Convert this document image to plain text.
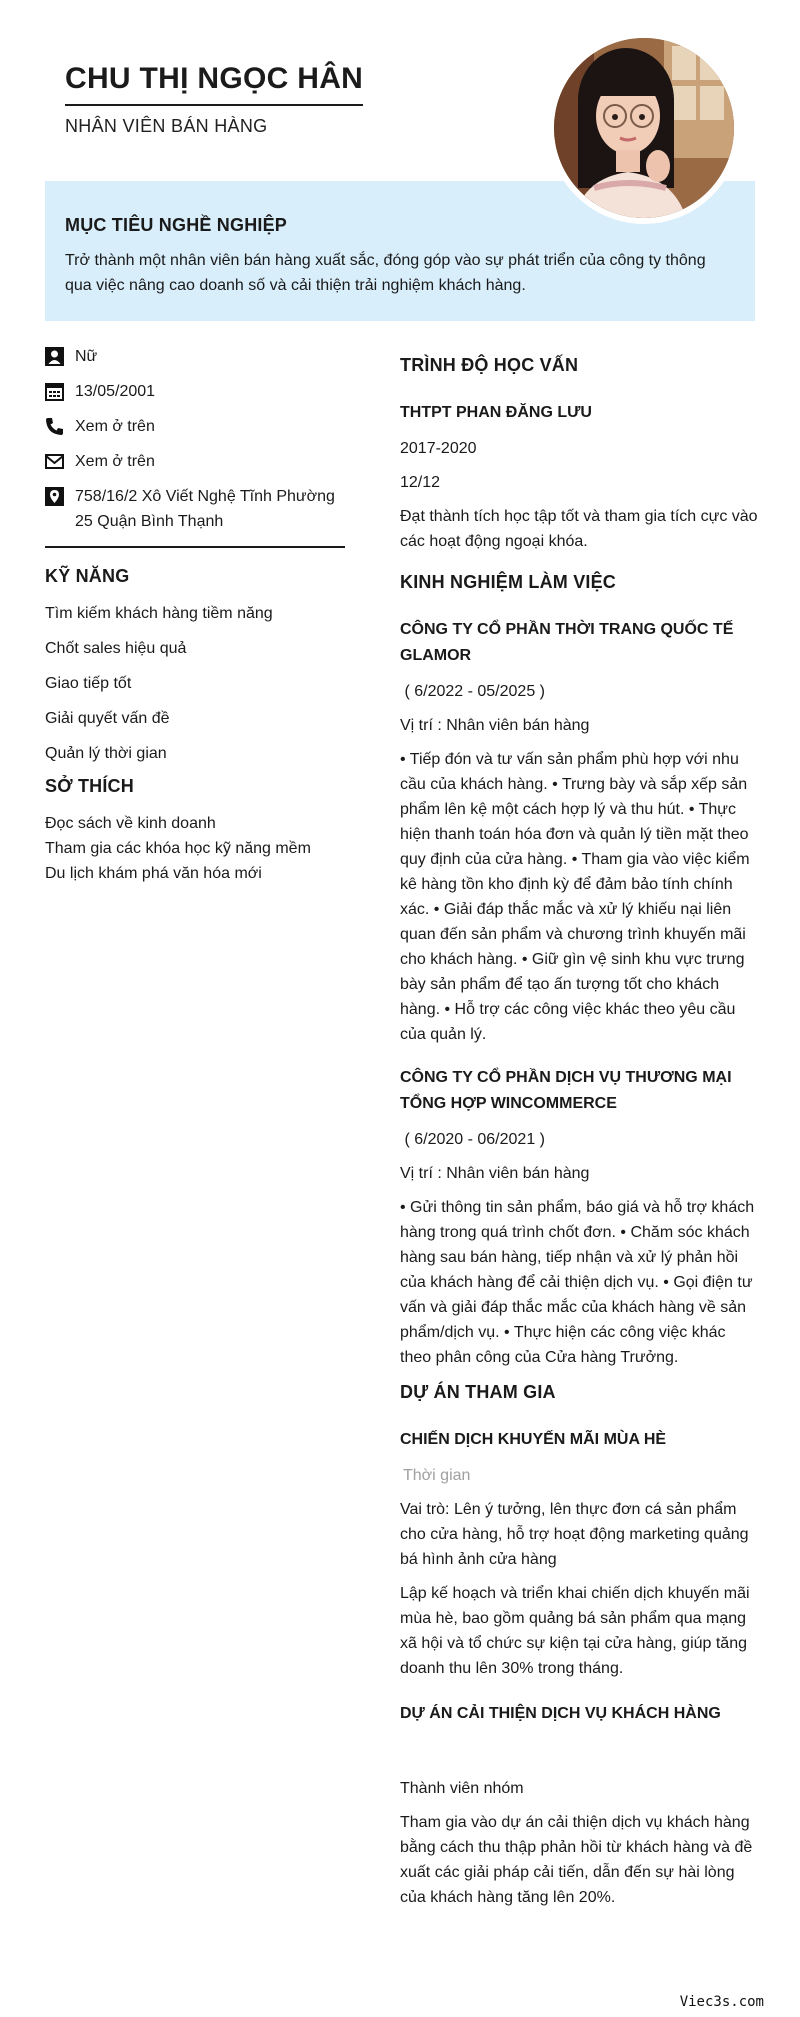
CHU THỊ NGỌC HÂN
NHÂN VIÊN BÁN HÀNG
MỤC TIÊU NGHỀ NGHIỆP
Trở thành một nhân viên bán hàng xuất sắc, đóng góp vào sự phát triển của công ty thông qua việc nâng cao doanh số và cải thiện trải nghiệm khách hàng.
Nữ
13/05/2001
Xem ở trên
Xem ở trên
758/16/2 Xô Viết Nghệ Tĩnh Phường 25 Quận Bình Thạnh
KỸ NĂNG
Tìm kiếm khách hàng tiềm năng
Chốt sales hiệu quả
Giao tiếp tốt
Giải quyết vấn đề
Quản lý thời gian
SỞ THÍCH
Đọc sách về kinh doanh
Tham gia các khóa học kỹ năng mềm
Du lịch khám phá văn hóa mới
TRÌNH ĐỘ HỌC VẤN
THTPT PHAN ĐĂNG LƯU
2017-2020
12/12
Đạt thành tích học tập tốt và tham gia tích cực vào các hoạt động ngoại khóa.
KINH NGHIỆM LÀM VIỆC
CÔNG TY CỔ PHẦN THỜI TRANG QUỐC TẾ GLAMOR
( 6/2022 - 05/2025 )
Vị trí : Nhân viên bán hàng
• Tiếp đón và tư vấn sản phẩm phù hợp với nhu cầu của khách hàng. • Trưng bày và sắp xếp sản phẩm lên kệ một cách hợp lý và thu hút. • Thực hiện thanh toán hóa đơn và quản lý tiền mặt theo quy định của cửa hàng. • Tham gia vào việc kiểm kê hàng tồn kho định kỳ để đảm bảo tính chính xác. • Giải đáp thắc mắc và xử lý khiếu nại liên quan đến sản phẩm và chương trình khuyến mãi cho khách hàng. • Giữ gìn vệ sinh khu vực trưng bày sản phẩm để tạo ấn tượng tốt cho khách hàng. • Hỗ trợ các công việc khác theo yêu cầu của quản lý.
CÔNG TY CỔ PHẦN DỊCH VỤ THƯƠNG MẠI TỔNG HỢP WINCOMMERCE
( 6/2020 - 06/2021 )
Vị trí : Nhân viên bán hàng
• Gửi thông tin sản phẩm, báo giá và hỗ trợ khách hàng trong quá trình chốt đơn. • Chăm sóc khách hàng sau bán hàng, tiếp nhận và xử lý phản hồi của khách hàng để cải thiện dịch vụ. • Gọi điện tư vấn và giải đáp thắc mắc của khách hàng về sản phẩm/dịch vụ. • Thực hiện các công việc khác theo phân công của Cửa hàng Trưởng.
DỰ ÁN THAM GIA
CHIẾN DỊCH KHUYẾN MÃI MÙA HÈ
Thời gian
Vai trò: Lên ý tưởng, lên thực đơn cá sản phẩm cho cửa hàng, hỗ trợ hoạt động marketing quảng bá hình ảnh cửa hàng
Lập kế hoạch và triển khai chiến dịch khuyến mãi mùa hè, bao gồm quảng bá sản phẩm qua mạng xã hội và tổ chức sự kiện tại cửa hàng, giúp tăng doanh thu lên 30% trong tháng.
DỰ ÁN CẢI THIỆN DỊCH VỤ KHÁCH HÀNG
Thành viên nhóm
Tham gia vào dự án cải thiện dịch vụ khách hàng bằng cách thu thập phản hồi từ khách hàng và đề xuất các giải pháp cải tiến, dẫn đến sự hài lòng của khách hàng tăng lên 20%.
Viec3s.com
